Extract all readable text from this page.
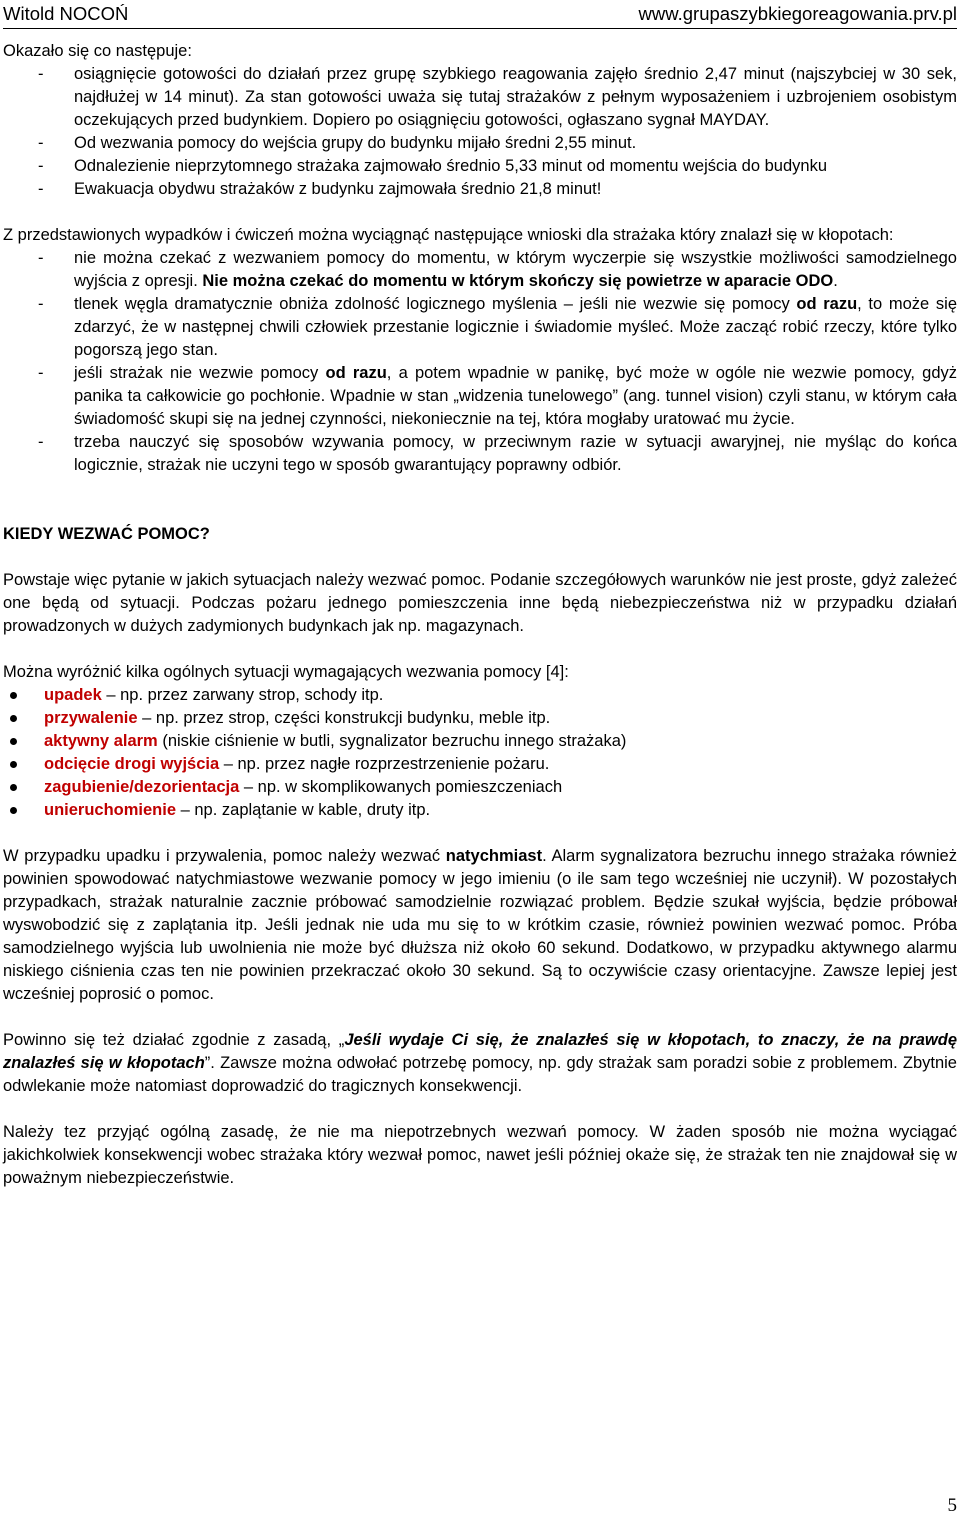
Witold NOCOŃ	www.grupaszybkiegoreagowania.prv.pl

Okazało się co następuje:

- osiągnięcie gotowości do działań przez grupę szybkiego reagowania zajęło średnio 2,47 minut (najszybciej w 30 sek, najdłużej w 14 minut). Za stan gotowości uważa się tutaj strażaków z pełnym wyposażeniem i uzbrojeniem osobistym oczekujących przed budynkiem. Dopiero po osiągnięciu gotowości, ogłaszano sygnał MAYDAY.
- Od wezwania pomocy do wejścia grupy do budynku mijało średni 2,55 minut.
- Odnalezienie nieprzytomnego strażaka zajmowało średnio 5,33 minut od momentu wejścia do budynku
- Ewakuacja obydwu strażaków z budynku zajmowała średnio 21,8 minut!

Z przedstawionych wypadków i ćwiczeń można wyciągnąć następujące wnioski dla strażaka który znalazł się w kłopotach:

- nie można czekać z wezwaniem pomocy do momentu, w którym wyczerpie się wszystkie możliwości samodzielnego wyjścia z opresji. Nie można czekać do momentu w którym skończy się powietrze w aparacie ODO.
- tlenek węgla dramatycznie obniża zdolność logicznego myślenia – jeśli nie wezwie się pomocy od razu, to może się zdarzyć, że w następnej chwili człowiek przestanie logicznie i świadomie myśleć. Może zacząć robić rzeczy, które tylko pogorszą jego stan.
- jeśli strażak nie wezwie pomocy od razu, a potem wpadnie w panikę, być może w ogóle nie wezwie pomocy, gdyż panika ta całkowicie go pochłonie. Wpadnie w stan „widzenia tunelowego” (ang. tunnel vision) czyli stanu, w którym cała świadomość skupi się na jednej czynności, niekoniecznie na tej, która mogłaby uratować mu życie.
- trzeba nauczyć się sposobów wzywania pomocy, w przeciwnym razie w sytuacji awaryjnej, nie myśląc do końca logicznie, strażak nie uczyni tego w sposób gwarantujący poprawny odbiór.

KIEDY WEZWAĆ POMOC?

Powstaje więc pytanie w jakich sytuacjach należy wezwać pomoc. Podanie szczegółowych warunków nie jest proste, gdyż zależeć one będą od sytuacji. Podczas pożaru jednego pomieszczenia inne będą niebezpieczeństwa niż w przypadku działań prowadzonych w dużych zadymionych budynkach jak np. magazynach.

Można wyróżnić kilka ogólnych sytuacji wymagających wezwania pomocy [4]:

upadek – np. przez zarwany strop, schody itp.
przywalenie – np. przez strop, części konstrukcji budynku, meble itp.
aktywny alarm (niskie ciśnienie w butli, sygnalizator bezruchu innego strażaka)
odcięcie drogi wyjścia – np. przez nagłe rozprzestrzenienie pożaru.
zagubienie/dezorientacja – np. w skomplikowanych pomieszczeniach
unieruchomienie – np. zaplątanie w kable, druty itp.

W przypadku upadku i przywalenia, pomoc należy wezwać natychmiast. Alarm sygnalizatora bezruchu innego strażaka również powinien spowodować natychmiastowe wezwanie pomocy w jego imieniu (o ile sam tego wcześniej nie uczynił). W pozostałych przypadkach, strażak naturalnie zacznie próbować samodzielnie rozwiązać problem. Będzie szukał wyjścia, będzie próbował wyswobodzić się z zaplątania itp. Jeśli jednak nie uda mu się to w krótkim czasie, również powinien wezwać pomoc. Próba samodzielnego wyjścia lub uwolnienia nie może być dłuższa niż około 60 sekund. Dodatkowo, w przypadku aktywnego alarmu niskiego ciśnienia czas ten nie powinien przekraczać około 30 sekund. Są to oczywiście czasy orientacyjne. Zawsze lepiej jest wcześniej poprosić o pomoc.

Powinno się też działać zgodnie z zasadą, „Jeśli wydaje Ci się, że znalazłeś się w kłopotach, to znaczy, że na prawdę znalazłeś się w kłopotach”. Zawsze można odwołać potrzebę pomocy, np. gdy strażak sam poradzi sobie z problemem. Zbytnie odwlekanie może natomiast doprowadzić do tragicznych konsekwencji.

Należy tez przyjąć ogólną zasadę, że nie ma niepotrzebnych wezwań pomocy. W żaden sposób nie można wyciągać jakichkolwiek konsekwencji wobec strażaka który wezwał pomoc, nawet jeśli później okaże się, że strażak ten nie znajdował się w poważnym niebezpieczeństwie.

5
